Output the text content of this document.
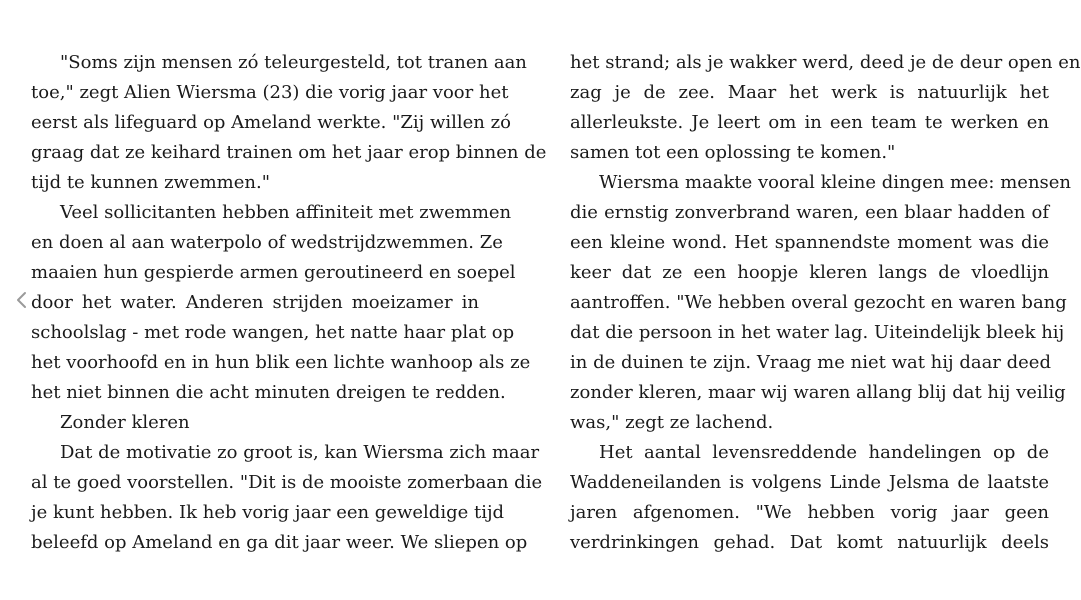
"Soms zijn mensen zó teleurgesteld, tot tranen aan
toe," zegt Alien Wiersma (23) die vorig jaar voor het
eerst als lifeguard op Ameland werkte. "Zij willen zó
graag dat ze keihard trainen om het jaar erop binnen de
tijd te kunnen zwemmen."
Veel sollicitanten hebben affiniteit met zwemmen
en doen al aan waterpolo of wedstrijdzwemmen. Ze
maaien hun gespierde armen geroutineerd en soepel
door het water. Anderen strijden moeizamer in
schoolslag - met rode wangen, het natte haar plat op
het voorhoofd en in hun blik een lichte wanhoop als ze
het niet binnen die acht minuten dreigen te redden.
Zonder kleren
Dat de motivatie zo groot is, kan Wiersma zich maar
al te goed voorstellen. "Dit is de mooiste zomerbaan die
je kunt hebben. Ik heb vorig jaar een geweldige tijd
beleefd op Ameland en ga dit jaar weer. We sliepen op
het strand; als je wakker werd, deed je de deur open en
zag je de zee. Maar het werk is natuurlijk het
allerleukste. Je leert om in een team te werken en
samen tot een oplossing te komen."
Wiersma maakte vooral kleine dingen mee: mensen
die ernstig zonverbrand waren, een blaar hadden of
een kleine wond. Het spannendste moment was die
keer dat ze een hoopje kleren langs de vloedlijn
aantroffen. "We hebben overal gezocht en waren bang
dat die persoon in het water lag. Uiteindelijk bleek hij
in de duinen te zijn. Vraag me niet wat hij daar deed
zonder kleren, maar wij waren allang blij dat hij veilig
was," zegt ze lachend.
Het aantal levensreddende handelingen op de
Waddeneilanden is volgens Linde Jelsma de laatste
jaren afgenomen. "We hebben vorig jaar geen
verdrinkingen gehad. Dat komt natuurlijk deels
